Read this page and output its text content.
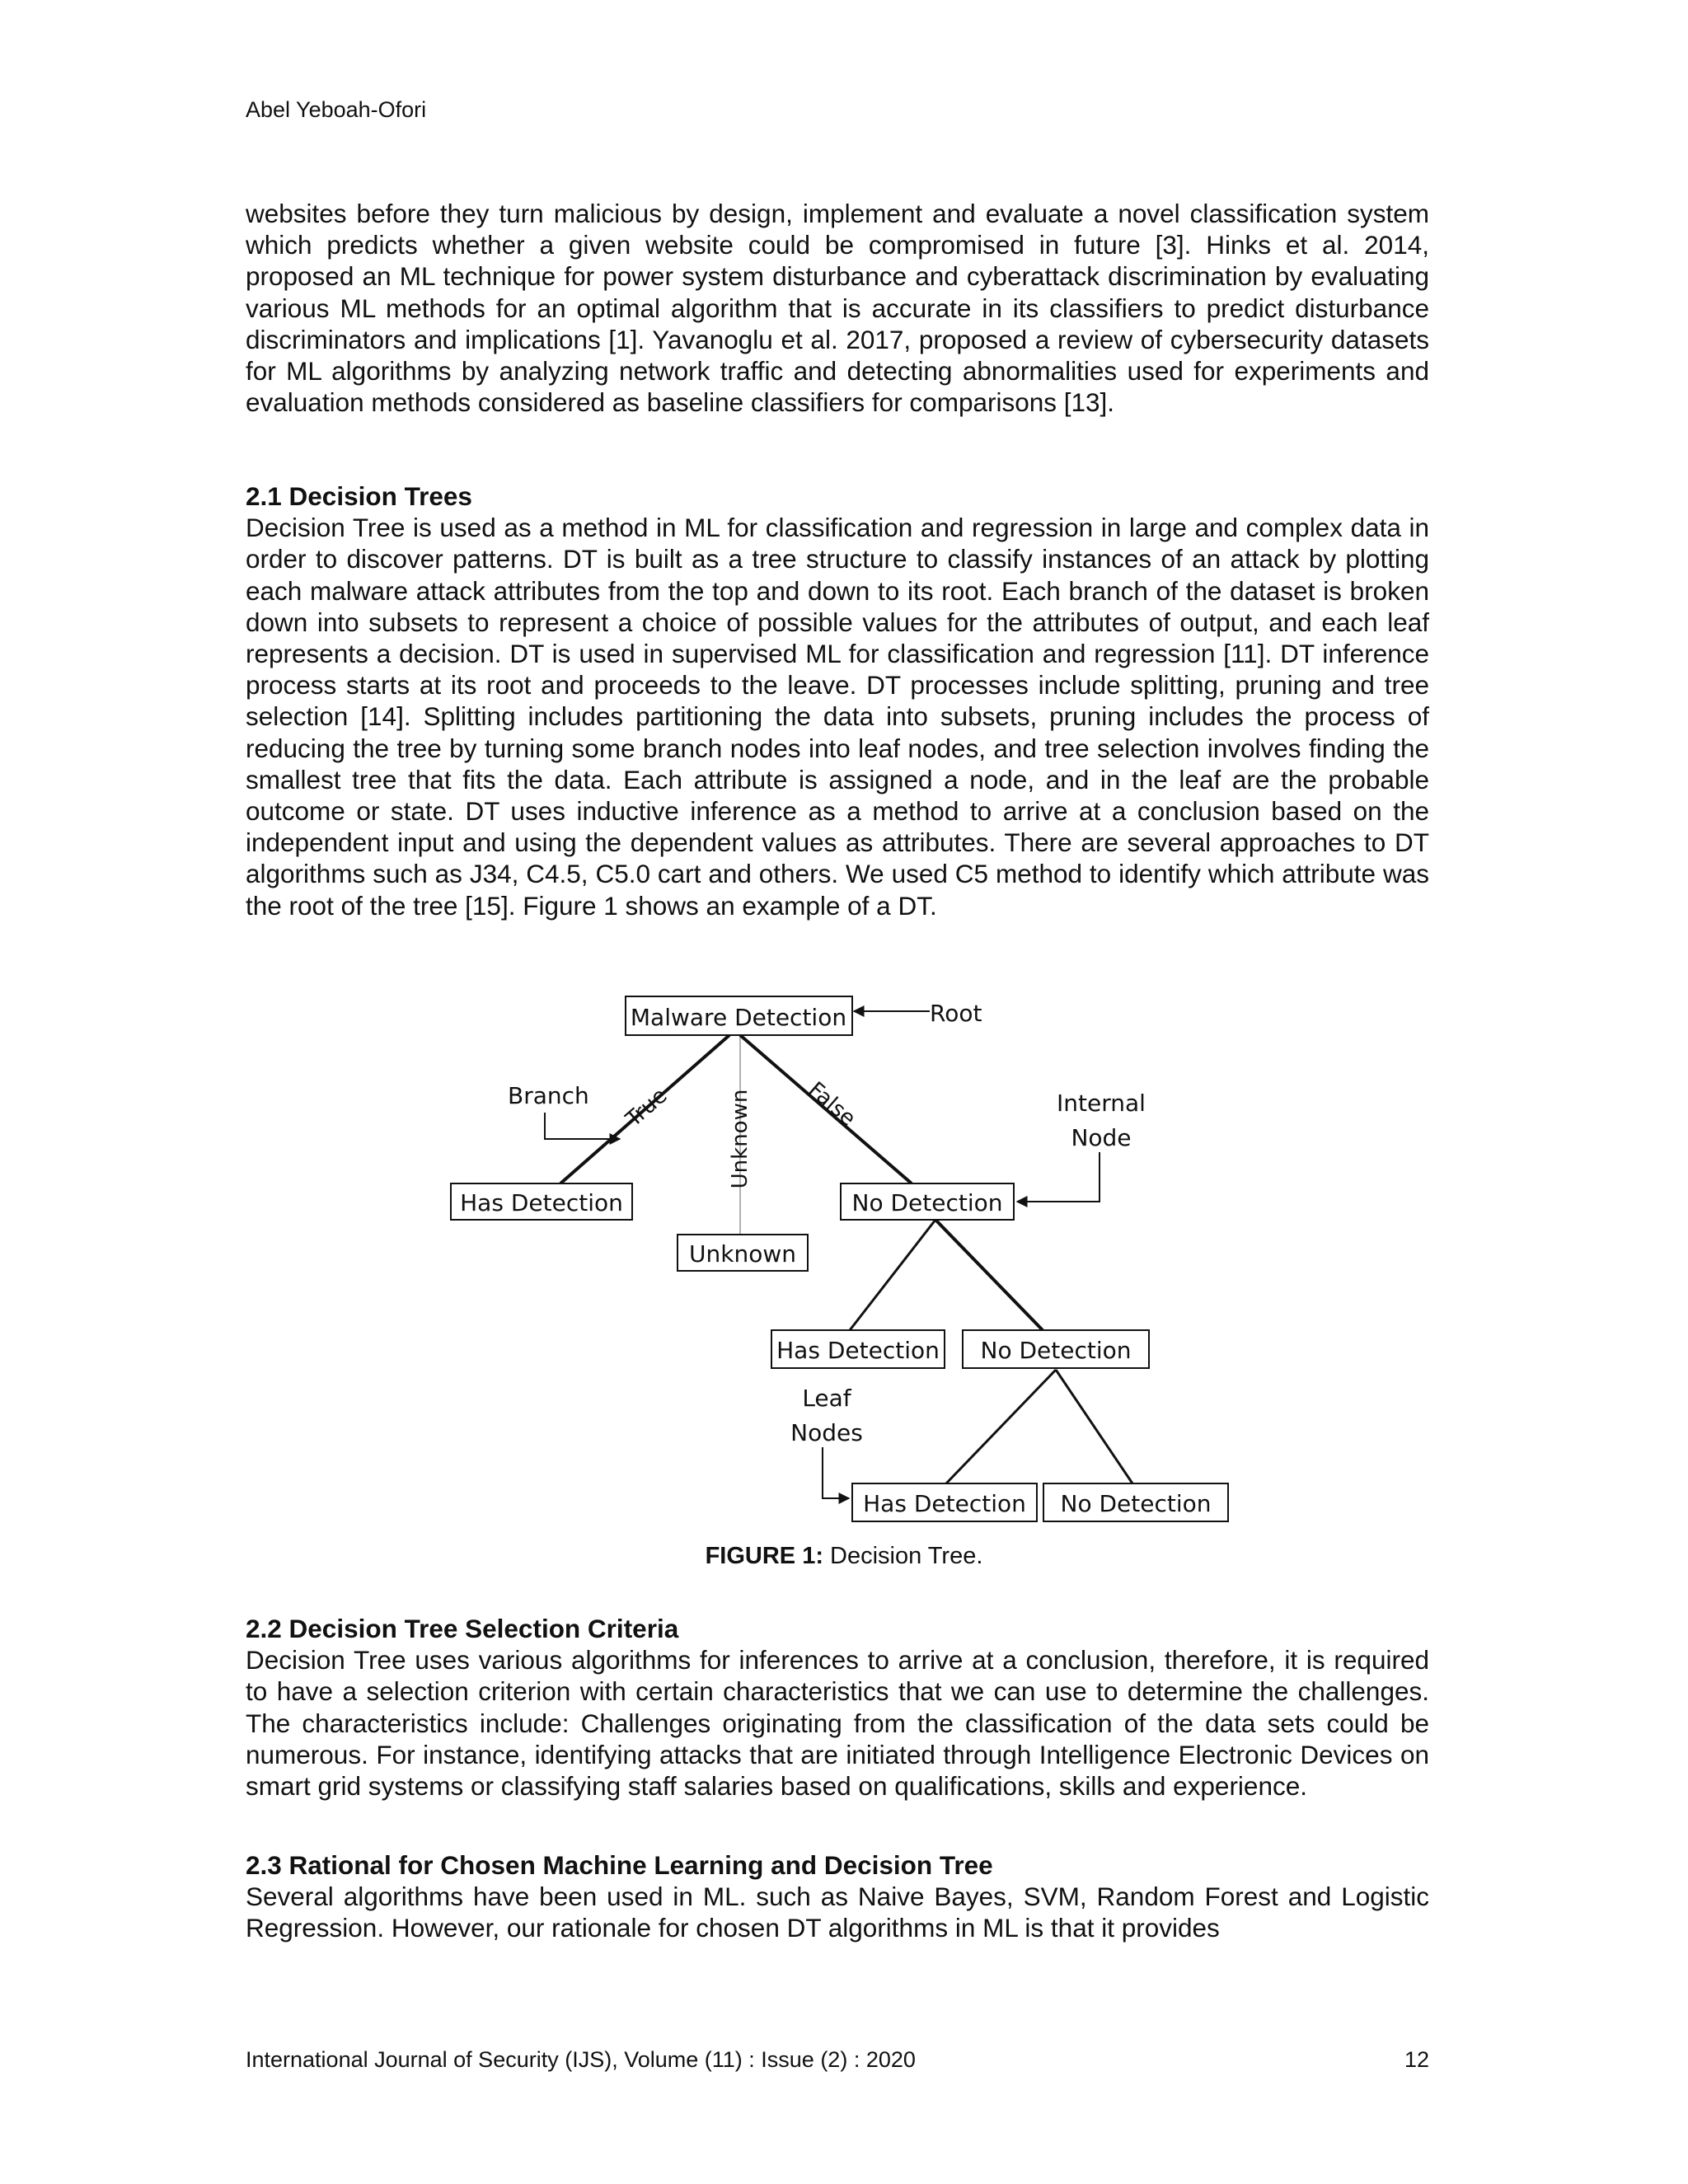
Abel Yeboah-Ofori

websites before they turn malicious by design, implement and evaluate a novel classification system which predicts whether a given website could be compromised in future [3]. Hinks et al. 2014, proposed an ML technique for power system disturbance and cyberattack discrimination by evaluating various ML methods for an optimal algorithm that is accurate in its classifiers to predict disturbance discriminators and implications [1]. Yavanoglu et al. 2017, proposed a review of cybersecurity datasets for ML algorithms by analyzing network traffic and detecting abnormalities used for experiments and evaluation methods considered as baseline classifiers for comparisons [13].

2.1 Decision Trees

Decision Tree is used as a method in ML for classification and regression in large and complex data in order to discover patterns. DT is built as a tree structure to classify instances of an attack by plotting each malware attack attributes from the top and down to its root. Each branch of the dataset is broken down into subsets to represent a choice of possible values for the attributes of output, and each leaf represents a decision. DT is used in supervised ML for classification and regression [11]. DT inference process starts at its root and proceeds to the leave. DT processes include splitting, pruning and tree selection [14]. Splitting includes partitioning the data into subsets, pruning includes the process of reducing the tree by turning some branch nodes into leaf nodes, and tree selection involves finding the smallest tree that fits the data. Each attribute is assigned a node, and in the leaf are the probable outcome or state. DT uses inductive inference as a method to arrive at a conclusion based on the independent input and using the dependent values as attributes. There are several approaches to DT algorithms such as J34, C4.5, C5.0 cart and others. We used C5 method to identify which attribute was the root of the tree [15]. Figure 1 shows an example of a DT.

Malware Detection
Has Detection
Unknown
No Detection
Has Detection No Detection
Has Detection No Detection
True	Unknown False
Root
Branch	Internal
Node
Leaf
Nodes
FIGURE 1: Decision Tree.
2.2 Decision Tree Selection Criteria

Decision Tree uses various algorithms for inferences to arrive at a conclusion, therefore, it is required to have a selection criterion with certain characteristics that we can use to determine the challenges. The characteristics include: Challenges originating from the classification of the data sets could be numerous. For instance, identifying attacks that are initiated through Intelligence Electronic Devices on smart grid systems or classifying staff salaries based on qualifications, skills and experience.

2.3 Rational for Chosen Machine Learning and Decision Tree

Several algorithms have been used in ML. such as Naive Bayes, SVM, Random Forest and Logistic Regression. However, our rationale for chosen DT algorithms in ML is that it provides

International Journal of Security (IJS), Volume (11) : Issue (2) : 2020	12
